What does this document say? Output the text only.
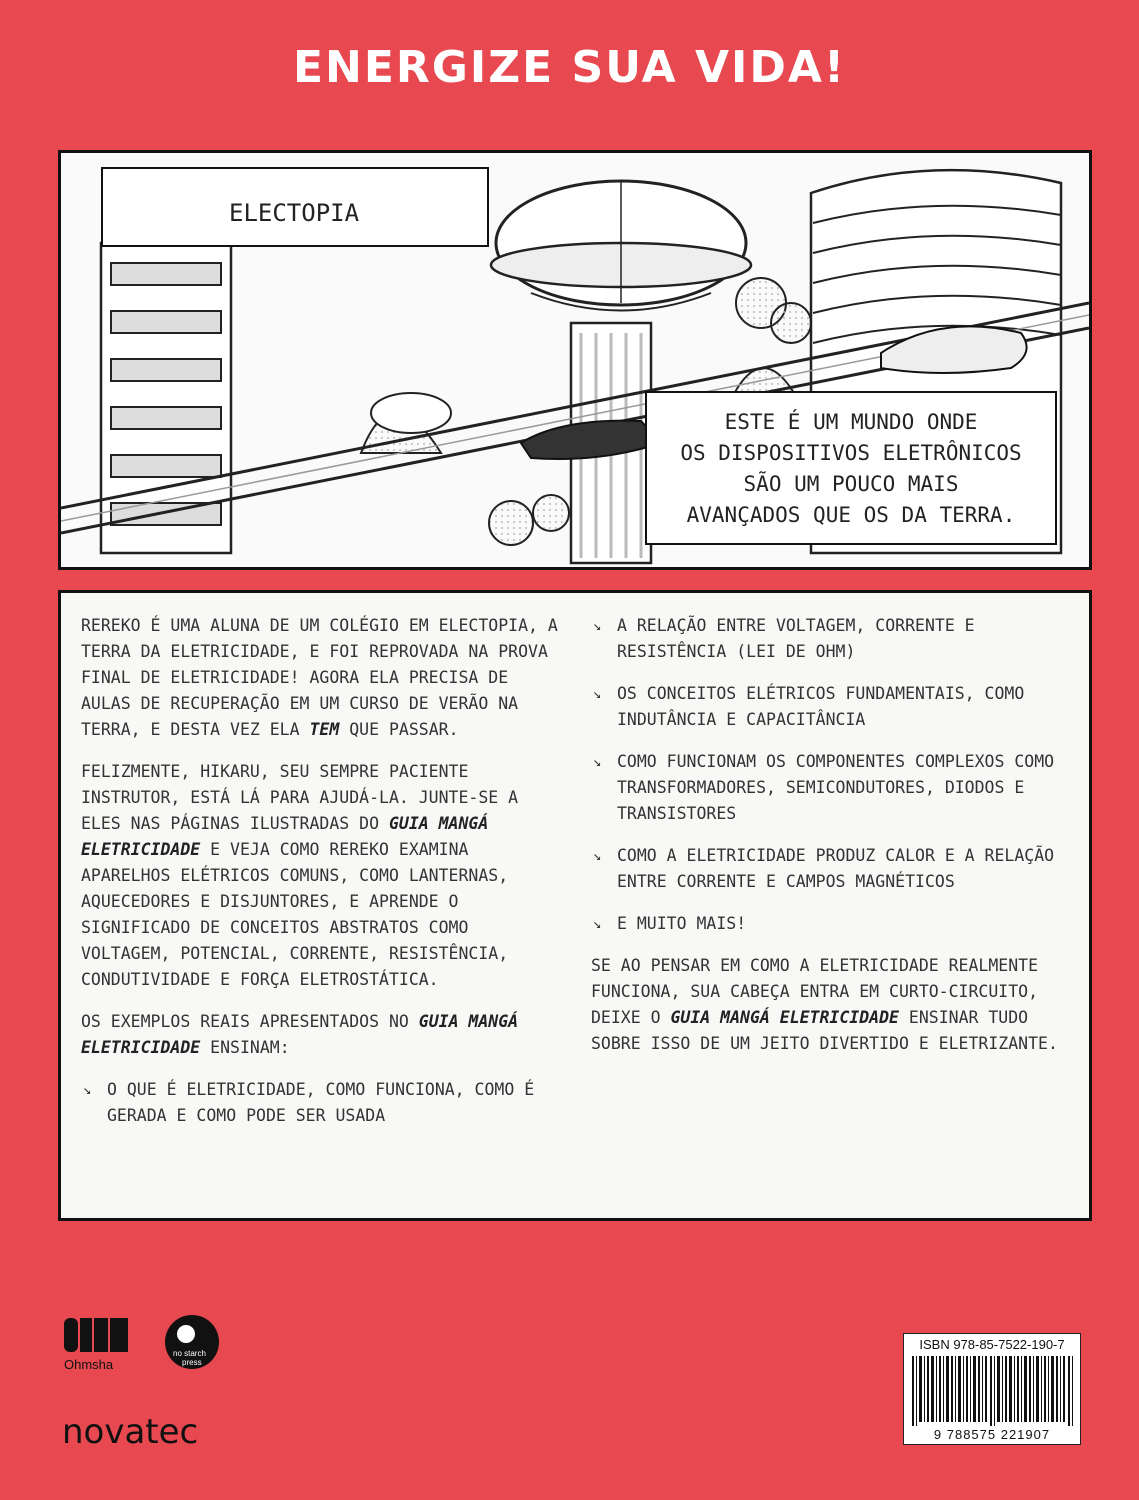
ENERGIZE SUA VIDA!
ELECTOPIA
ESTE É UM MUNDO ONDE
OS DISPOSITIVOS ELETRÔNICOS
SÃO UM POUCO MAIS
AVANÇADOS QUE OS DA TERRA.

REREKO É UMA ALUNA DE UM COLÉGIO EM ELECTOPIA, A TERRA DA ELETRICIDADE, E FOI REPROVADA NA PROVA FINAL DE ELETRICIDADE! AGORA ELA PRECISA DE AULAS DE RECUPERAÇÃO EM UM CURSO DE VERÃO NA TERRA, E DESTA VEZ ELA TEM QUE PASSAR.

FELIZMENTE, HIKARU, SEU SEMPRE PACIENTE INSTRUTOR, ESTÁ LÁ PARA AJUDÁ-LA. JUNTE-SE A ELES NAS PÁGINAS ILUSTRADAS DO GUIA MANGÁ ELETRICIDADE E VEJA COMO REREKO EXAMINA APARELHOS ELÉTRICOS COMUNS, COMO LANTERNAS, AQUECEDORES E DISJUNTORES, E APRENDE O SIGNIFICADO DE CONCEITOS ABSTRATOS COMO VOLTAGEM, POTENCIAL, CORRENTE, RESISTÊNCIA, CONDUTIVIDADE E FORÇA ELETROSTÁTICA.

OS EXEMPLOS REAIS APRESENTADOS NO GUIA MANGÁ ELETRICIDADE ENSINAM:

↘ O QUE É ELETRICIDADE, COMO FUNCIONA, COMO É GERADA E COMO PODE SER USADA
↘ A RELAÇÃO ENTRE VOLTAGEM, CORRENTE E RESISTÊNCIA (LEI DE OHM)
↘ OS CONCEITOS ELÉTRICOS FUNDAMENTAIS, COMO INDUTÂNCIA E CAPACITÂNCIA
↘ COMO FUNCIONAM OS COMPONENTES COMPLEXOS COMO TRANSFORMADORES, SEMICONDUTORES, DIODOS E TRANSISTORES
↘ COMO A ELETRICIDADE PRODUZ CALOR E A RELAÇÃO ENTRE CORRENTE E CAMPOS MAGNÉTICOS
↘ E MUITO MAIS!

SE AO PENSAR EM COMO A ELETRICIDADE REALMENTE FUNCIONA, SUA CABEÇA ENTRA EM CURTO-CIRCUITO, DEIXE O GUIA MANGÁ ELETRICIDADE ENSINAR TUDO SOBRE ISSO DE UM JEITO DIVERTIDO E ELETRIZANTE.

Ohmsha
no starch
press
novatec
ISBN 978-85-7522-190-7
9 788575 221907
